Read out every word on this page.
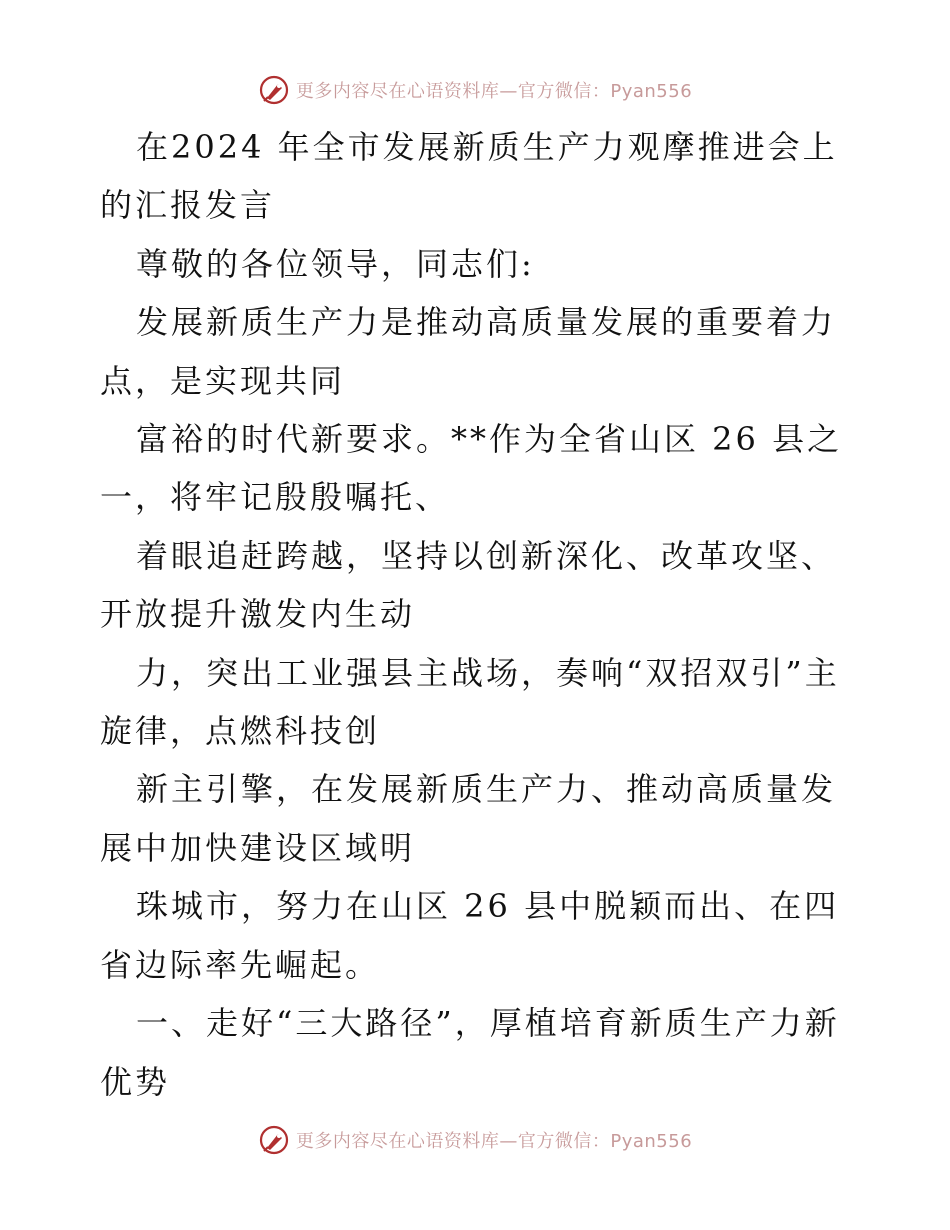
更多内容尽在心语资料库—官方微信：Pyan556

在2024 年全市发展新质生产力观摩推进会上的汇报发言

尊敬的各位领导，同志们:

发展新质生产力是推动高质量发展的重要着力点，是实现共同

富裕的时代新要求。**作为全省山区 26 县之一，将牢记殷殷嘱托、

着眼追赶跨越，坚持以创新深化、改革攻坚、开放提升激发内生动

力，突出工业强县主战场，奏响“双招双引”主旋律，点燃科技创

新主引擎，在发展新质生产力、推动高质量发展中加快建设区域明

珠城市，努力在山区 26 县中脱颖而出、在四省边际率先崛起。

一、走好“三大路径”，厚植培育新质生产力新优势

更多内容尽在心语资料库—官方微信：Pyan556
